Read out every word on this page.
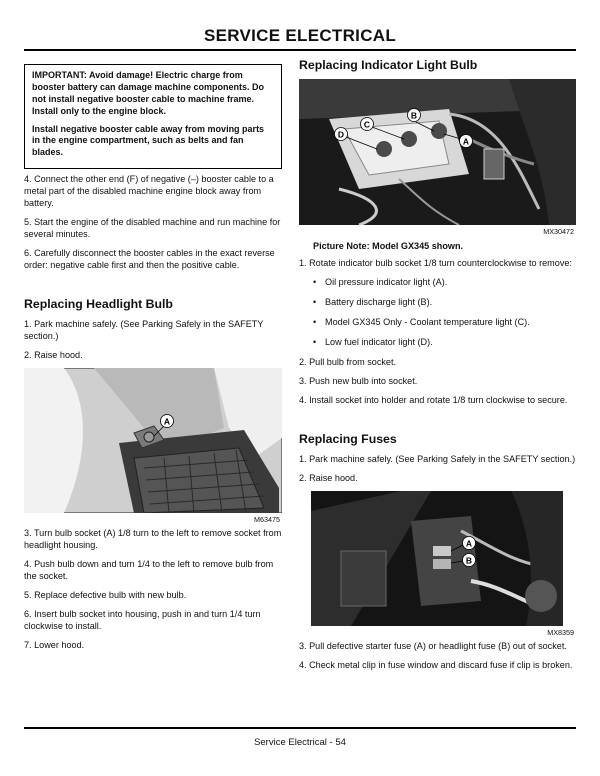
SERVICE ELECTRICAL

IMPORTANT: Avoid damage! Electric charge from booster battery can damage machine components. Do not install negative booster cable to machine frame. Install only to the engine block.

Install negative booster cable away from moving parts in the engine compartment, such as belts and fan blades.

4. Connect the other end (F) of negative (–) booster cable to a metal part of the disabled machine engine block away from battery.

5. Start the engine of the disabled machine and run machine for several minutes.

6. Carefully disconnect the booster cables in the exact reverse order: negative cable first and then the positive cable.

Replacing Headlight Bulb

1. Park machine safely. (See Parking Safely in the SAFETY section.)

2. Raise hood.

A
M63475

3. Turn bulb socket (A) 1/8 turn to the left to remove socket from headlight housing.

4. Push bulb down and turn 1/4 to the left to remove bulb from the socket.

5. Replace defective bulb with new bulb.

6. Insert bulb socket into housing, push in and turn 1/4 turn clockwise to install.

7. Lower hood.

Replacing Indicator Light Bulb
D
C
B
A
MX30472
Picture Note: Model GX345 shown.

1. Rotate indicator bulb socket 1/8 turn counterclockwise to remove:

• Oil pressure indicator light (A).
• Battery discharge light (B).
• Model GX345 Only - Coolant temperature light (C).
• Low fuel indicator light (D).

2. Pull bulb from socket.

3. Push new bulb into socket.

4. Install socket into holder and rotate 1/8 turn clockwise to secure.

Replacing Fuses

1. Park machine safely. (See Parking Safely in the SAFETY section.)

2. Raise hood.

A
B
MX8359

3. Pull defective starter fuse (A) or headlight fuse (B) out of socket.

4. Check metal clip in fuse window and discard fuse if clip is broken.

Service Electrical - 54
